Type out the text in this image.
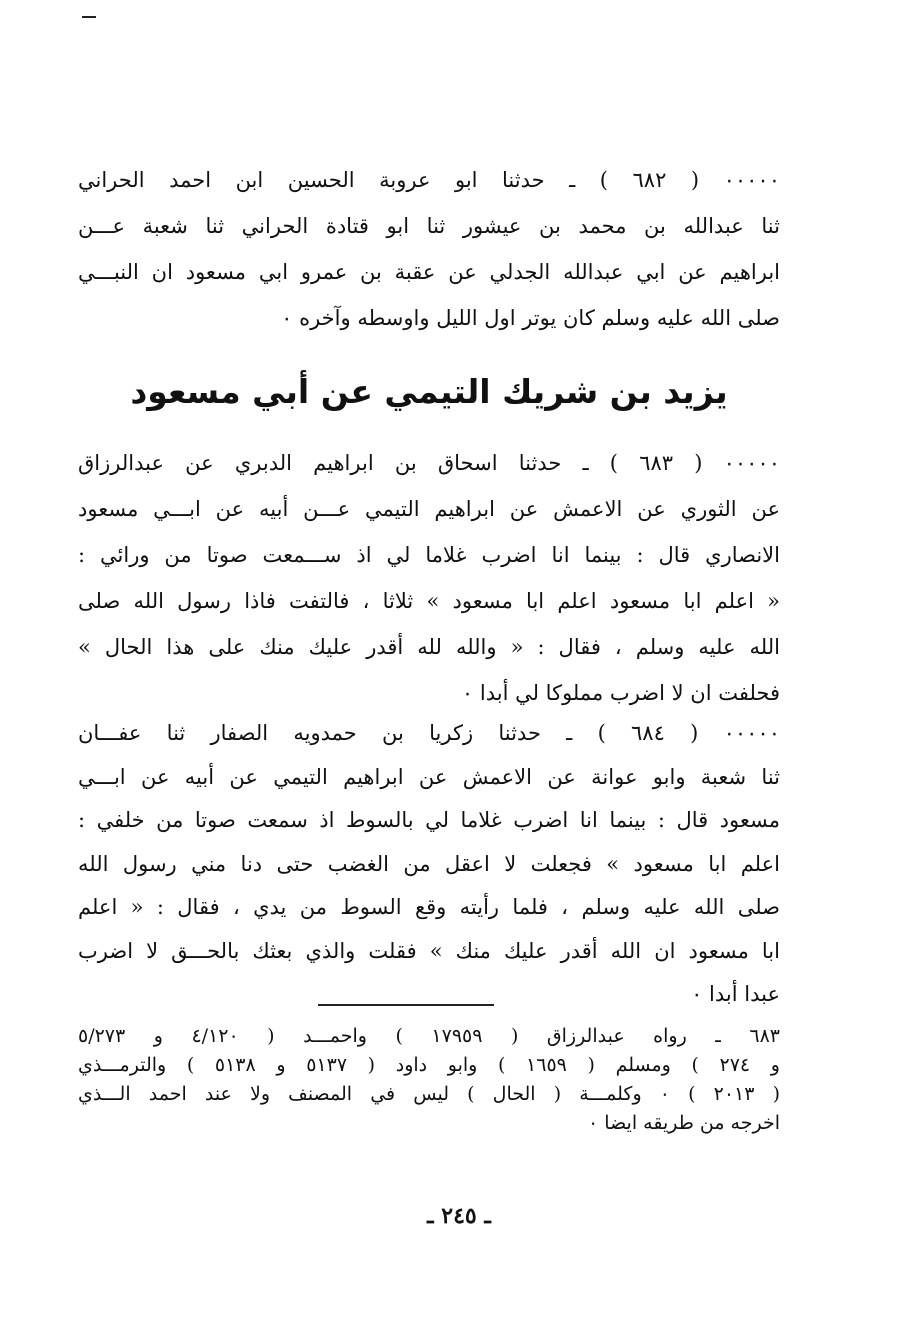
٠٠٠٠٠ ( ٦٨٢ ) ـ حدثنا ابو عروبة الحسين ابن احمد الحراني
ثنا عبدالله بن محمد بن عيشور ثنا ابو قتادة الحراني ثنا شعبة عـــن
ابراهيم عن ابي عبدالله الجدلي عن عقبة بن عمرو ابي مسعود ان النبـــي
صلى الله عليه وسلم كان يوتر اول الليل واوسطه وآخره ٠
يزيد بن شريك التيمي عن أبي مسعود
٠٠٠٠٠ ( ٦٨٣ ) ـ حدثنا اسحاق بن ابراهيم الدبري عن عبدالرزاق
عن الثوري عن الاعمش عن ابراهيم التيمي عـــن أبيه عن ابـــي مسعود
الانصاري قال : بينما انا اضرب غلاما لي اذ ســـمعت صوتا من ورائي :
« اعلم ابا مسعود اعلم ابا مسعود » ثلاثا ، فالتفت فاذا رسول الله صلى
الله عليه وسلم ، فقال : « والله لله أقدر عليك منك على هذا الحال »
فحلفت ان لا اضرب مملوكا لي أبدا ٠
٠٠٠٠٠ ( ٦٨٤ ) ـ حدثنا زكريا بن حمدويه الصفار ثنا عفـــان
ثنا شعبة وابو عوانة عن الاعمش عن ابراهيم التيمي عن أبيه عن ابـــي
مسعود قال : بينما انا اضرب غلاما لي بالسوط اذ سمعت صوتا من خلفي :
اعلم ابا مسعود » فجعلت لا اعقل من الغضب حتى دنا مني رسول الله
صلى الله عليه وسلم ، فلما رأيته وقع السوط من يدي ، فقال : « اعلم
ابا مسعود ان الله أقدر عليك منك » فقلت والذي بعثك بالحـــق لا اضرب
عبدا أبدا ٠
٦٨٣ ـ رواه عبدالرزاق ( ١٧٩٥٩ ) واحمـــد ( ٤/١٢٠ و ٥/٢٧٣
و ٢٧٤ ) ومسلم ( ١٦٥٩ ) وابو داود ( ٥١٣٧ و ٥١٣٨ ) والترمـــذي
( ٢٠١٣ ) ٠ وكلمـــة ( الحال ) ليس في المصنف ولا عند احمد الـــذي
اخرجه من طريقه ايضا ٠
ـ ٢٤٥ ـ
